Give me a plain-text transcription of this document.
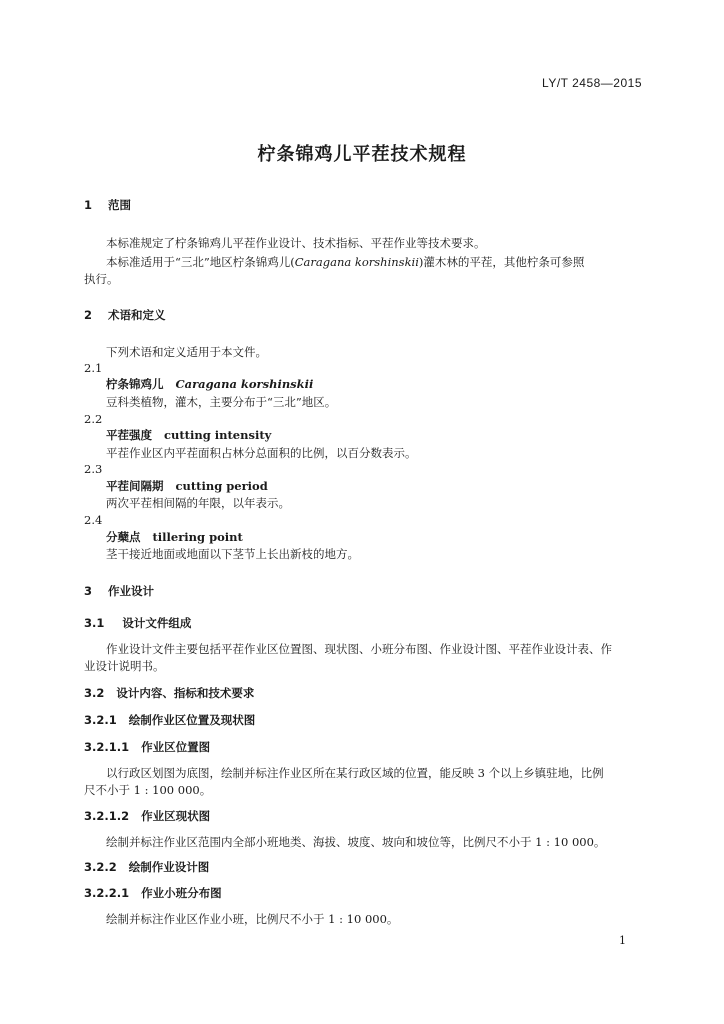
LY/T 2458—2015
柠条锦鸡儿平茬技术规程
1 范围
本标准规定了柠条锦鸡儿平茬作业设计、技术指标、平茬作业等技术要求。
本标准适用于“三北”地区柠条锦鸡儿(Caragana korshinskii)灌木林的平茬，其他柠条可参照
执行。
2 术语和定义
下列术语和定义适用于本文件。
2.1
柠条锦鸡儿 Caragana korshinskii
豆科类植物，灌木，主要分布于“三北”地区。
2.2
平茬强度 cutting intensity
平茬作业区内平茬面积占林分总面积的比例，以百分数表示。
2.3
平茬间隔期 cutting period
两次平茬相间隔的年限，以年表示。
2.4
分蘖点 tillering point
茎干接近地面或地面以下茎节上长出新枝的地方。
3 作业设计
3.1 设计文件组成
作业设计文件主要包括平茬作业区位置图、现状图、小班分布图、作业设计图、平茬作业设计表、作
业设计说明书。
3.2 设计内容、指标和技术要求
3.2.1 绘制作业区位置及现状图
3.2.1.1 作业区位置图
以行政区划图为底图，绘制并标注作业区所在某行政区域的位置，能反映 3 个以上乡镇驻地，比例
尺不小于 1 : 100 000。
3.2.1.2 作业区现状图
绘制并标注作业区范围内全部小班地类、海拔、坡度、坡向和坡位等，比例尺不小于 1 : 10 000。
3.2.2 绘制作业设计图
3.2.2.1 作业小班分布图
绘制并标注作业区作业小班，比例尺不小于 1 : 10 000。
1
